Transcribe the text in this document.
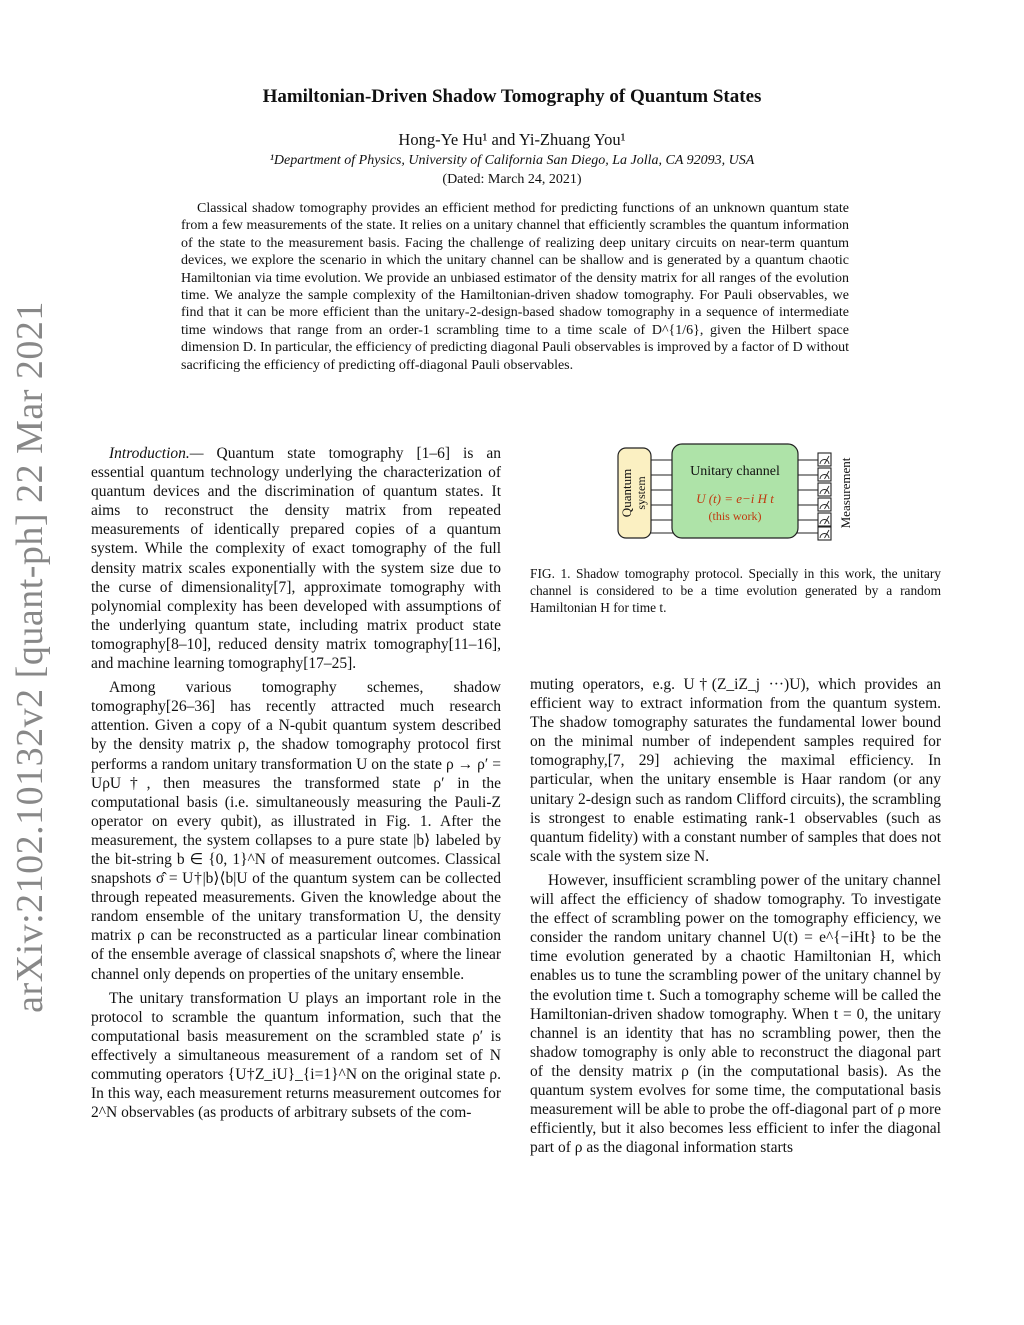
arXiv:2102.10132v2 [quant-ph] 22 Mar 2021
Hamiltonian-Driven Shadow Tomography of Quantum States
Hong-Ye Hu¹ and Yi-Zhuang You¹
¹Department of Physics, University of California San Diego, La Jolla, CA 92093, USA
(Dated: March 24, 2021)

Classical shadow tomography provides an efficient method for predicting functions of an unknown quantum state from a few measurements of the state. It relies on a unitary channel that efficiently scrambles the quantum information of the state to the measurement basis. Facing the challenge of realizing deep unitary circuits on near-term quantum devices, we explore the scenario in which the unitary channel can be shallow and is generated by a quantum chaotic Hamiltonian via time evolution. We provide an unbiased estimator of the density matrix for all ranges of the evolution time. We analyze the sample complexity of the Hamiltonian-driven shadow tomography. For Pauli observables, we find that it can be more efficient than the unitary-2-design-based shadow tomography in a sequence of intermediate time windows that range from an order-1 scrambling time to a time scale of D^{1/6}, given the Hilbert space dimension D. In particular, the efficiency of predicting diagonal Pauli observables is improved by a factor of D without sacrificing the efficiency of predicting off-diagonal Pauli observables.

Introduction.— Quantum state tomography [1–6] is an essential quantum technology underlying the characterization of quantum devices and the discrimination of quantum states. It aims to reconstruct the density matrix from repeated measurements of identically prepared copies of a quantum system. While the complexity of exact tomography of the full density matrix scales exponentially with the system size due to the curse of dimensionality[7], approximate tomography with polynomial complexity has been developed with assumptions of the underlying quantum state, including matrix product state tomography[8–10], reduced density matrix tomography[11–16], and machine learning tomography[17–25].

Among various tomography schemes, shadow tomography[26–36] has recently attracted much research attention. Given a copy of a N-qubit quantum system described by the density matrix ρ, the shadow tomography protocol first performs a random unitary transformation U on the state ρ → ρ′ = UρU†, then measures the transformed state ρ′ in the computational basis (i.e. simultaneously measuring the Pauli-Z operator on every qubit), as illustrated in Fig. 1. After the measurement, the system collapses to a pure state |b⟩ labeled by the bit-string b ∈ {0, 1}^N of measurement outcomes. Classical snapshots σ̂ = U†|b⟩⟨b|U of the quantum system can be collected through repeated measurements. Given the knowledge about the random ensemble of the unitary transformation U, the density matrix ρ can be reconstructed as a particular linear combination of the ensemble average of classical snapshots σ̂, where the linear channel only depends on properties of the unitary ensemble.

The unitary transformation U plays an important role in the protocol to scramble the quantum information, such that the computational basis measurement on the scrambled state ρ′ is effectively a simultaneous measurement of a random set of N commuting operators {U†Z_iU}_{i=1}^N on the original state ρ. In this way, each measurement returns measurement outcomes for 2^N observables (as products of arbitrary subsets of the com-

Quantum system
Unitary channel
U (t) = e−i H t
(this work)	Measurement

FIG. 1. Shadow tomography protocol. Specially in this work, the unitary channel is considered to be a time evolution generated by a random Hamiltonian H for time t.

muting operators, e.g. U†(Z_iZ_j ···)U), which provides an efficient way to extract information from the quantum system. The shadow tomography saturates the fundamental lower bound on the minimal number of independent samples required for tomography,[7, 29] achieving the maximal efficiency. In particular, when the unitary ensemble is Haar random (or any unitary 2-design such as random Clifford circuits), the scrambling is strongest to enable estimating rank-1 observables (such as quantum fidelity) with a constant number of samples that does not scale with the system size N.

However, insufficient scrambling power of the unitary channel will affect the efficiency of shadow tomography. To investigate the effect of scrambling power on the tomography efficiency, we consider the random unitary channel U(t) = e^{−iHt} to be the time evolution generated by a chaotic Hamiltonian H, which enables us to tune the scrambling power of the unitary channel by the evolution time t. Such a tomography scheme will be called the Hamiltonian-driven shadow tomography. When t = 0, the unitary channel is an identity that has no scrambling power, then the shadow tomography is only able to reconstruct the diagonal part of the density matrix ρ (in the computational basis). As the quantum system evolves for some time, the computational basis measurement will be able to probe the off-diagonal part of ρ more efficiently, but it also becomes less efficient to infer the diagonal part of ρ as the diagonal information starts
